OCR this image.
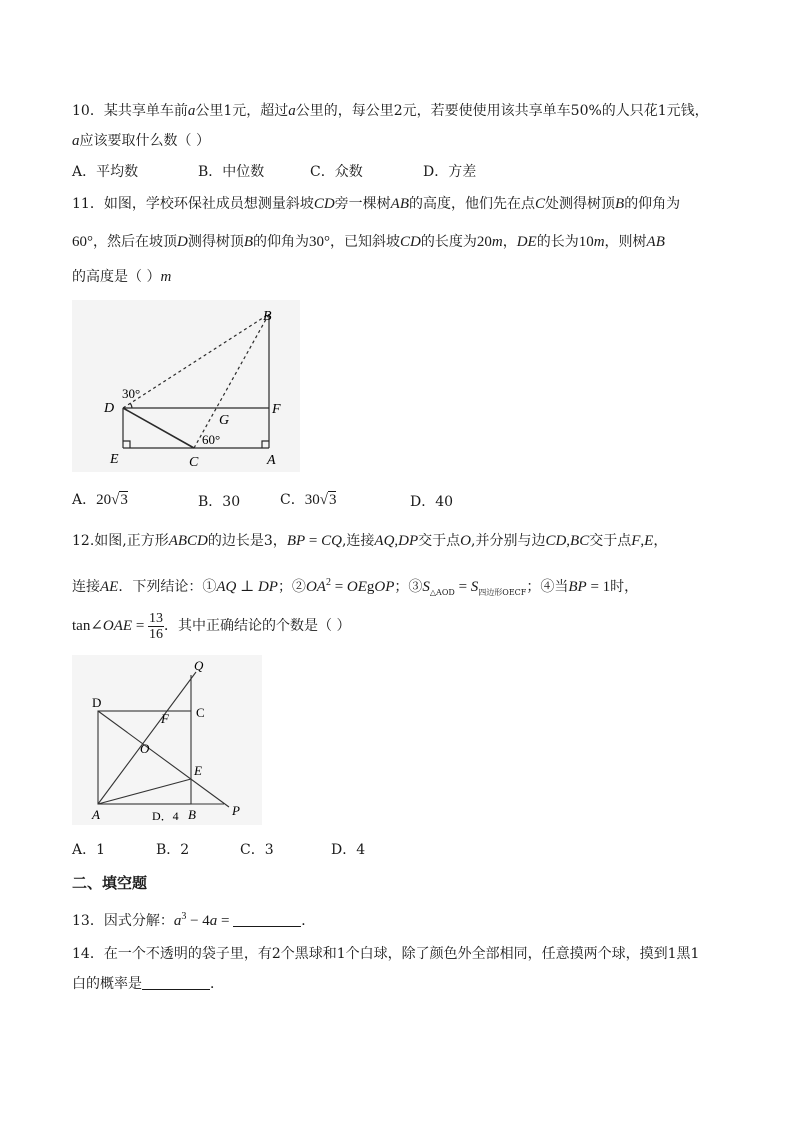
10．某共享单车前a公里1元，超过a公里的，每公里2元，若要使使用该共享单车50%的人只花1元钱，
a应该要取什么数（ ）
A．平均数	B．中位数	C．众数	D．方差
11．如图，学校环保社成员想测量斜坡CD旁一棵树AB的高度，他们先在点C处测得树顶B的仰角为
60°，然后在坡顶D测得树顶B的仰角为30°，已知斜坡CD的长度为20m，DE的长为10m，则树AB
的高度是（ ）m
B
D	F
G
E	C	A
30°
60°
A．20√3	B．30	C．30√3	D．40
12.如图,正方形ABCD的边长是3，BP = CQ,连接AQ,DP交于点O,并分别与边CD,BC交于点F,E，
连接AE．下列结论：①AQ ⊥ DP；$②OA^2$ = OEgOP；$③S_{\triangle AOD} = S_{四边形OECF}$；④当BP = 1时，
tan∠OAE = $\frac{13}{16}$ ．其中正确结论的个数是（ ）
Q
D
C
F
O
E
A	B	P
D．4
A．1	B．2	C．3	D．4
二、填空题
13．因式分解：$a^3 - 4a$ =	．
14．在一个不透明的袋子里，有2个黑球和1个白球，除了颜色外全部相同，任意摸两个球，摸到1黑1
白的概率是	．
